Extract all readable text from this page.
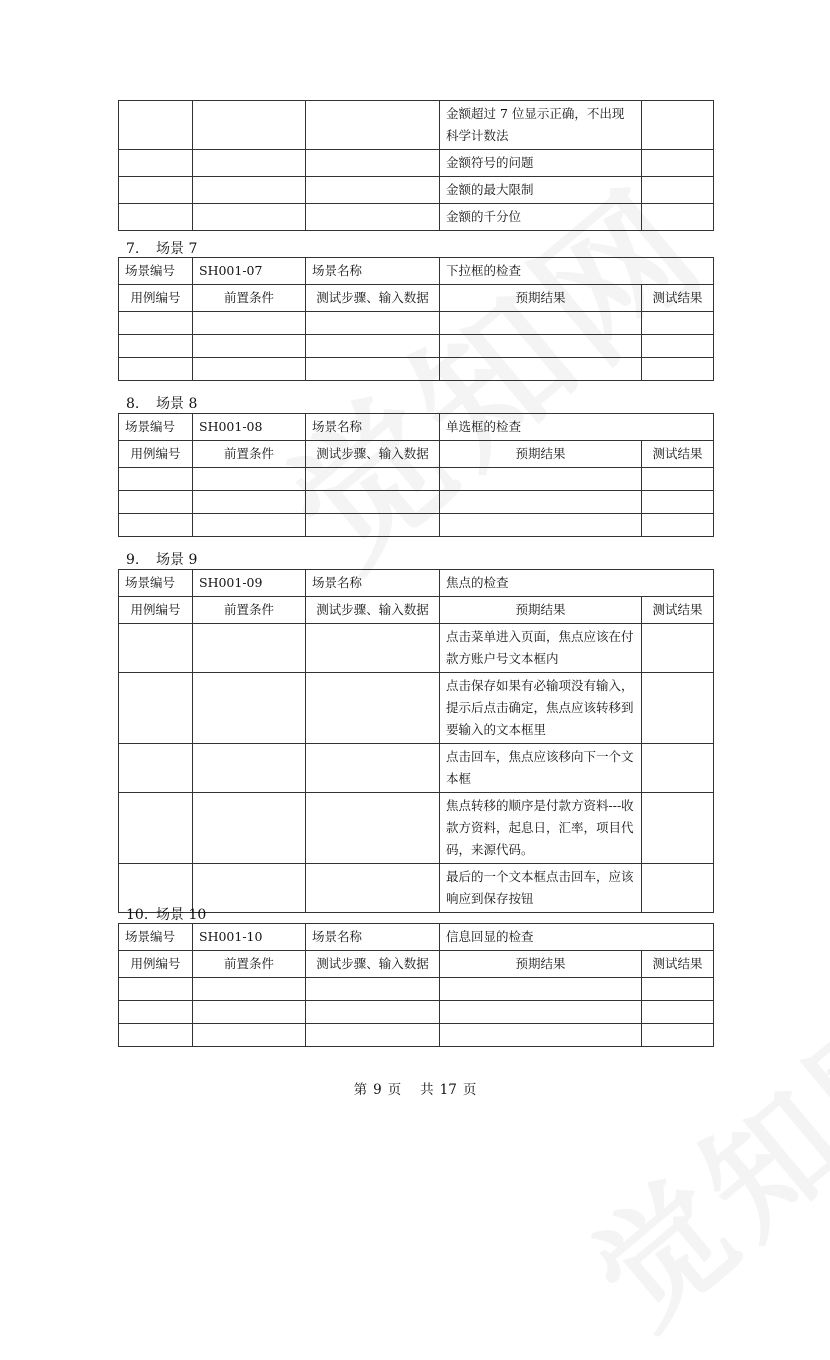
			金额超过 7 位显示正确，不出现科学计数法	
			金额符号的问题	
			金额的最大限制	
			金额的千分位	
7. 场景 7
场景编号	SH001-07	场景名称	下拉框的检查	
用例编号	前置条件	测试步骤、输入数据	预期结果	测试结果

8. 场景 8
场景编号	SH001-08	场景名称	单选框的检查	
用例编号	前置条件	测试步骤、输入数据	预期结果	测试结果

9. 场景 9
场景编号	SH001-09	场景名称	焦点的检查	
用例编号	前置条件	测试步骤、输入数据	预期结果	测试结果
			点击菜单进入页面，焦点应该在付款方账户号文本框内	
			点击保存如果有必输项没有输入，提示后点击确定，焦点应该转移到要输入的文本框里	
			点击回车，焦点应该移向下一个文本框	
			焦点转移的顺序是付款方资料---收款方资料，起息日，汇率，项目代码，来源代码。	
			最后的一个文本框点击回车，应该响应到保存按钮	
10. 场景 10
场景编号	SH001-10	场景名称	信息回显的检查	
用例编号	前置条件	测试步骤、输入数据	预期结果	测试结果

第 9 页 共 17 页
